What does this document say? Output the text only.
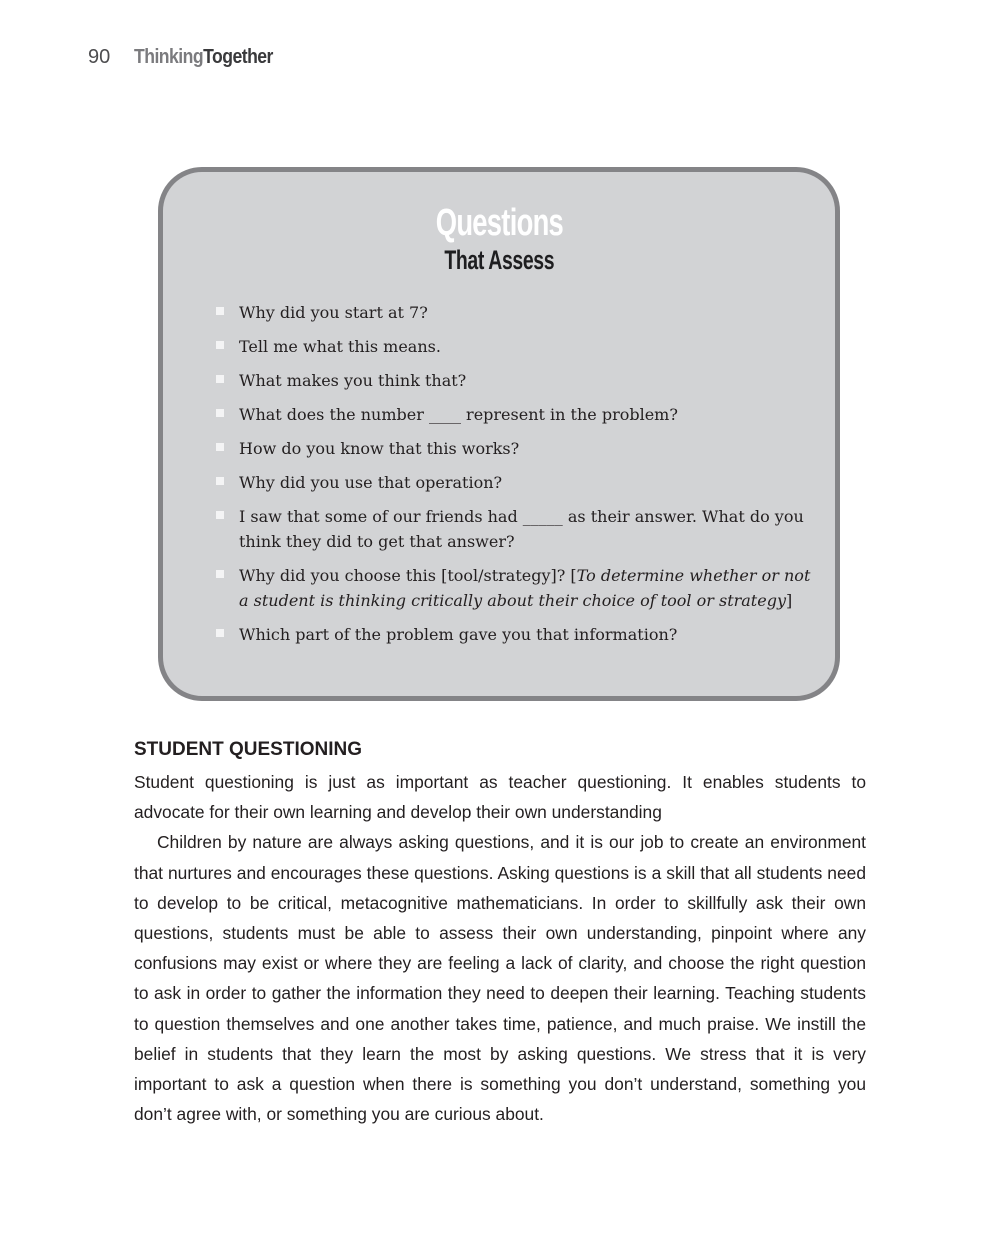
90	ThinkingTogether
Questions
That Assess
Why did you start at 7?
Tell me what this means.
What makes you think that?
What does the number ____ represent in the problem?
How do you know that this works?
Why did you use that operation?
I saw that some of our friends had _____ as their answer. What do you think they did to get that answer?
Why did you choose this [tool/strategy]? [To determine whether or not a student is thinking critically about their choice of tool or strategy]
Which part of the problem gave you that information?
STUDENT QUESTIONING

Student questioning is just as important as teacher questioning. It enables students to advocate for their own learning and develop their own understanding

Children by nature are always asking questions, and it is our job to create an environment that nurtures and encourages these questions. Asking questions is a skill that all students need to develop to be critical, metacognitive mathematicians. In order to skillfully ask their own questions, students must be able to assess their own understanding, pinpoint where any confusions may exist or where they are feeling a lack of clarity, and choose the right question to ask in order to gather the information they need to deepen their learning. Teaching students to question themselves and one another takes time, patience, and much praise. We instill the belief in students that they learn the most by asking questions. We stress that it is very important to ask a question when there is something you don’t understand, something you don’t agree with, or something you are curious about.
